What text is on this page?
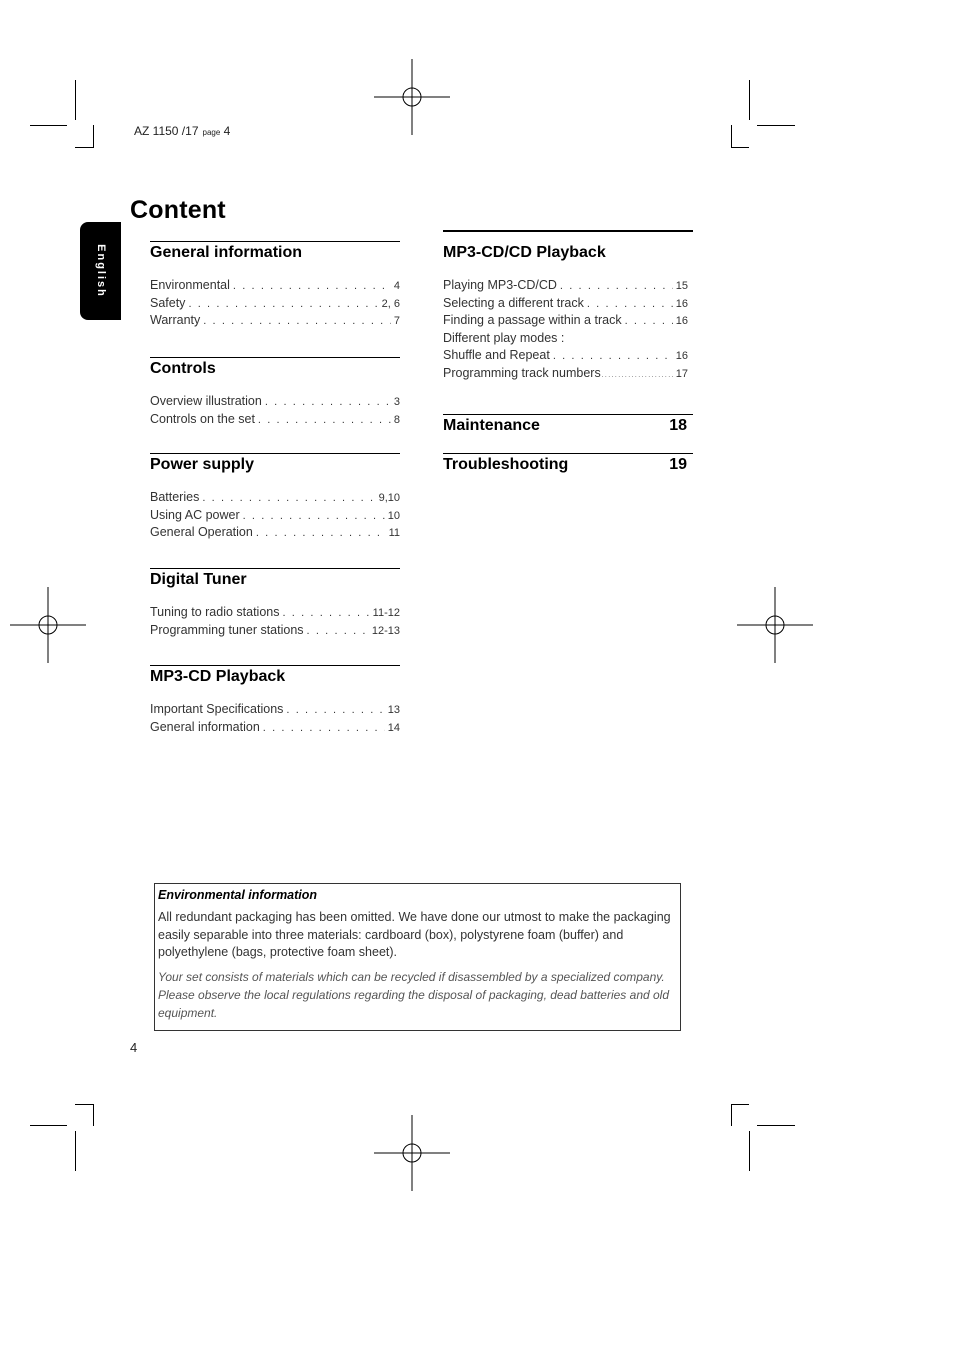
AZ 1150 /17 page 4
English
Content
General information
Environmental . . .	4
Safety . . .	2, 6
Warranty . . .	7
Controls
Overview illustration . . .	3
Controls on the set . . .	8
Power supply
Batteries . . .	9,10
Using AC power . . .	10
General Operation . . .	11
Digital Tuner
Tuning to radio stations . . .	11-12
Programming tuner stations . . .	12-13
MP3-CD Playback
Important Specifications . . .	13
General information . . .	14
MP3-CD/CD Playback
Playing MP3-CD/CD . . .	15
Selecting a different track . . .	16
Finding a passage within a track . . .	16
Different play modes :
Shuffle and Repeat . . .	16
Programming track numbers . . .	17
Maintenance	18
Troubleshooting	19
Environmental information
All redundant packaging has been omitted. We have done our utmost to make the packaging easily separable into three materials: cardboard (box), polystyrene foam (buffer) and polyethylene (bags, protective foam sheet).
Your set consists of materials which can be recycled if disassembled by a specialized company. Please observe the local regulations regarding the disposal of packaging, dead batteries and old equipment.
4
